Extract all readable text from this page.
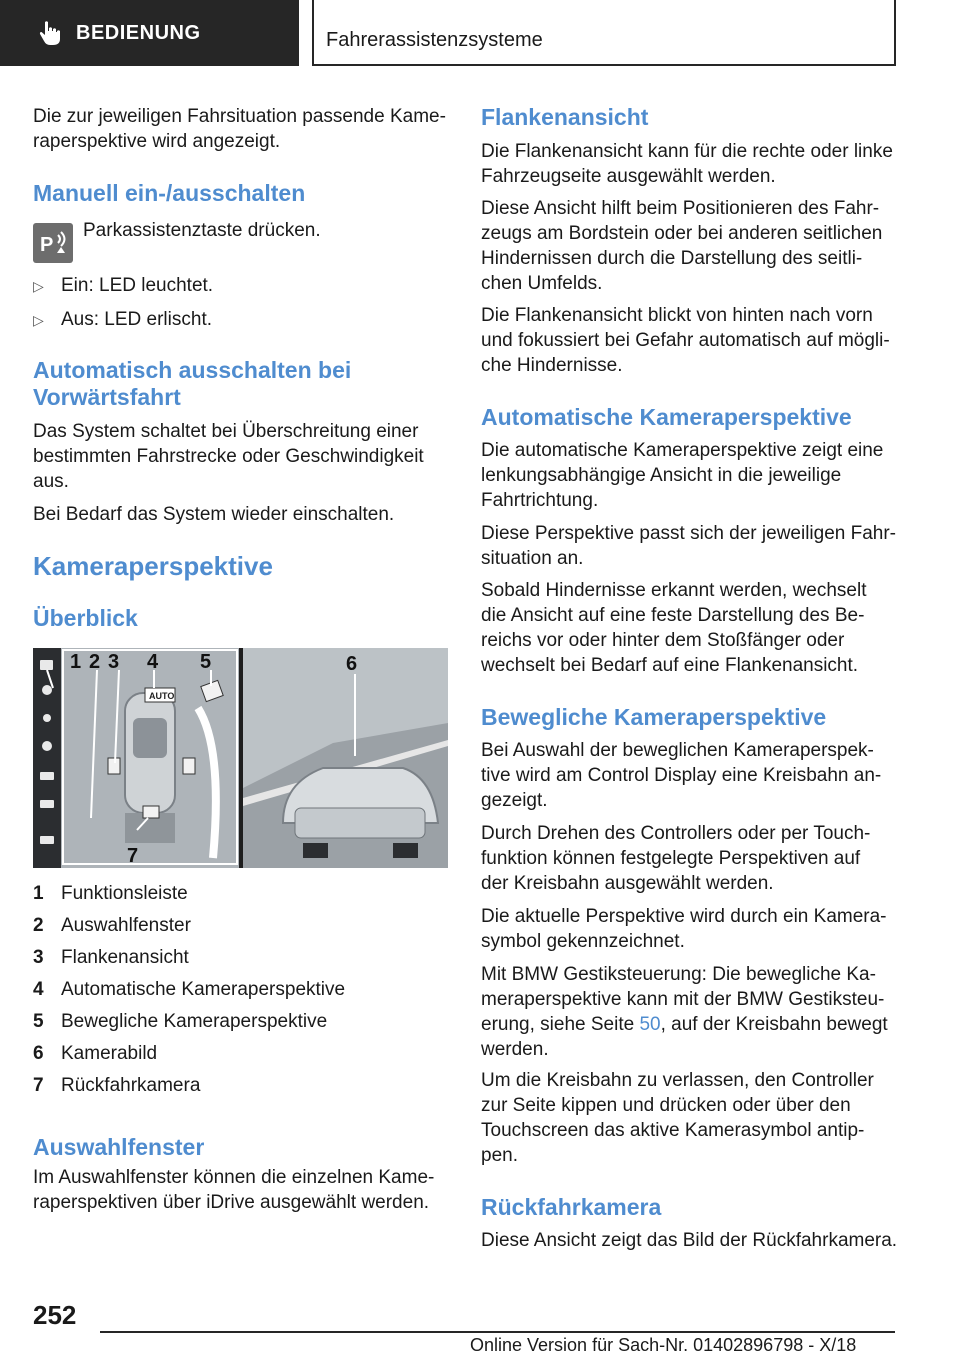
BEDIENUNG	Fahrerassistenzsysteme
Die zur jeweiligen Fahrsituation passende Kame-
raperspektive wird angezeigt.
Manuell ein-/ausschalten
P
Parkassistenztaste drücken.
▷ Ein: LED leuchtet.
▷ Aus: LED erlischt.
Automatisch ausschalten bei
Vorwärtsfahrt
Das System schaltet bei Überschreitung einer
bestimmten Fahrstrecke oder Geschwindigkeit
aus.
Bei Bedarf das System wieder einschalten.
Kameraperspektive
Überblick
AUTO
1 2 3 4 5	6
7
1 Funktionsleiste
2 Auswahlfenster
3 Flankenansicht
4 Automatische Kameraperspektive
5 Bewegliche Kameraperspektive
6 Kamerabild
7 Rückfahrkamera
Auswahlfenster
Im Auswahlfenster können die einzelnen Kame-
raperspektiven über iDrive ausgewählt werden.
Flankenansicht
Die Flankenansicht kann für die rechte oder linke
Fahrzeugseite ausgewählt werden.
Diese Ansicht hilft beim Positionieren des Fahr-
zeugs am Bordstein oder bei anderen seitlichen
Hindernissen durch die Darstellung des seitli-
chen Umfelds.
Die Flankenansicht blickt von hinten nach vorn
und fokussiert bei Gefahr automatisch auf mögli-
che Hindernisse.
Automatische Kameraperspektive
Die automatische Kameraperspektive zeigt eine
lenkungsabhängige Ansicht in die jeweilige
Fahrtrichtung.
Diese Perspektive passt sich der jeweiligen Fahr-
situation an.
Sobald Hindernisse erkannt werden, wechselt
die Ansicht auf eine feste Darstellung des Be-
reichs vor oder hinter dem Stoßfänger oder
wechselt bei Bedarf auf eine Flankenansicht.
Bewegliche Kameraperspektive
Bei Auswahl der beweglichen Kameraperspek-
tive wird am Control Display eine Kreisbahn an-
gezeigt.
Durch Drehen des Controllers oder per Touch-
funktion können festgelegte Perspektiven auf
der Kreisbahn ausgewählt werden.
Die aktuelle Perspektive wird durch ein Kamera-
symbol gekennzeichnet.
Mit BMW Gestiksteuerung: Die bewegliche Ka-
meraperspektive kann mit der BMW Gestiksteu-
erung, siehe Seite 50, auf der Kreisbahn bewegt
werden.
Um die Kreisbahn zu verlassen, den Controller
zur Seite kippen und drücken oder über den
Touchscreen das aktive Kamerasymbol antip-
pen.
Rückfahrkamera
Diese Ansicht zeigt das Bild der Rückfahrkamera.
252
Online Version für Sach-Nr. 01402896798 - X/18
